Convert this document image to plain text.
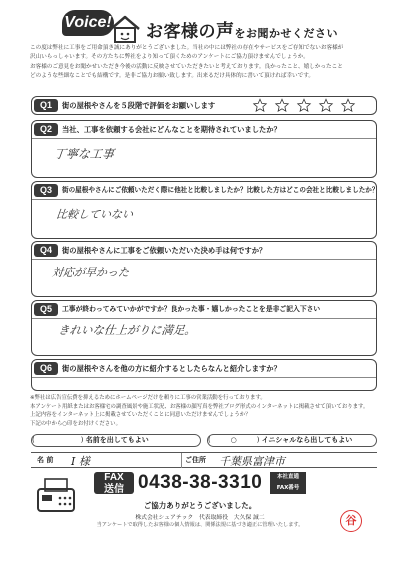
Voice! お客様の声をお聞かせください

この度は弊社に工事をご用命頂き誠にありがとうございました。当社の中には弊社の存在やサービスをご存知でないお客様が

沢山いらっしゃいます。その方たちに弊社をより知って頂くためのアンケートにご協力頂けませんでしょうか。

お客様のご意見をお聞かせいただき今後の活動に反映させていただきたいと考えております。良かったこと、嬉しかったこと

どのような些細なことでも結構です。是非ご協力お願い致します。出来るだけ具体的に書いて頂ければ幸いです。

Q1	街の屋根やさんを５段階で評価をお願いします
Q2	当社、工事を依頼する会社にどんなことを期待されていましたか？
丁寧な工事
Q3	街の屋根やさんにご依頼いただく際に他社と比較しましたか？比較した方はどこの会社と比較しましたか？
比較していない
Q4	街の屋根やさんに工事をご依頼いただいた決め手は何ですか？
対応が早かった
Q5	工事が終わってみていかがですか？良かった事・嬉しかったことを是非ご記入下さい
きれいな仕上がりに満足。
Q6	街の屋根やさんを他の方に紹介するとしたらなんと紹介しますか？

※弊社は広告宣伝費を抑えるためにホームページだけを頼りに工事の営業活動を行っております。

本アンケート用紙またはお客様宅の調査風景や施工状況、お客様の顔写真を弊社ブログ形式のインターネットに掲載させて頂いております。

上記内容をインターネット上に掲載させていただくことに同意いただけませんでしょうか？

下記の中から○印をお付けください。

(	) 名前を出してもよい	(	○	) イニシャルなら出してもよい
名 前 I 様	ご住所 千葉県富津市
FAX
送信 0438-38-3310	本社直通
FAX番号
ご協力ありがとうございました。
株式会社シェアテック　代表取締役　大久保 誠二
当アンケートで取得したお客様の個人情報は、関係法規に基づき適正に管理いたします。	谷
